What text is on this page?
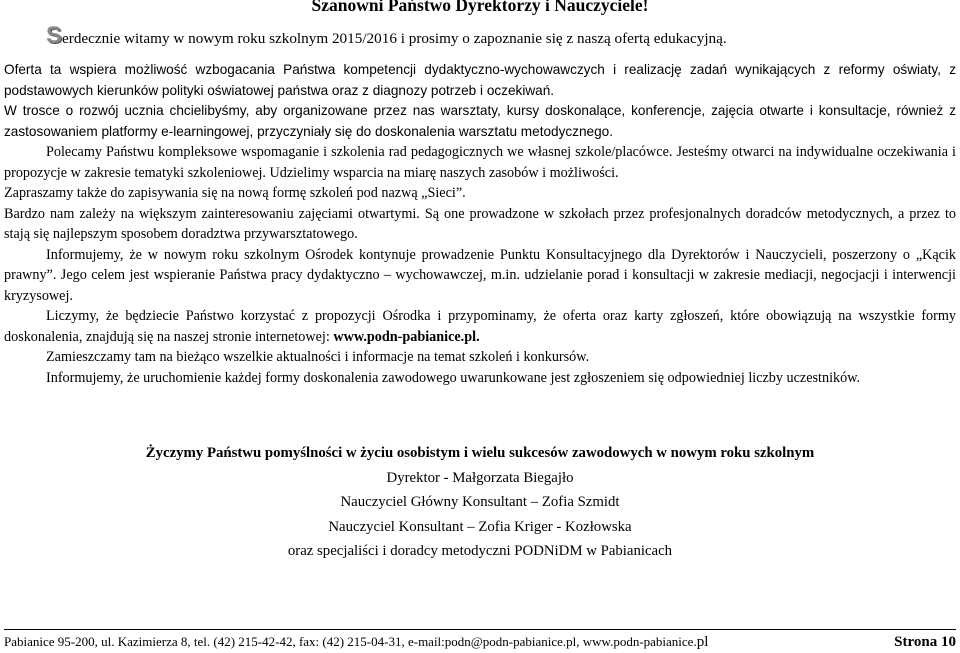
Szanowni Państwo Dyrektorzy i Nauczyciele!
Serdecznie witamy w nowym roku szkolnym 2015/2016 i prosimy o zapoznanie się z naszą ofertą edukacyjną.

Oferta ta wspiera możliwość wzbogacania Państwa kompetencji dydaktyczno-wychowawczych i realizację zadań wynikających z reformy oświaty, z podstawowych kierunków polityki oświatowej państwa oraz z diagnozy potrzeb i oczekiwań.

W trosce o rozwój ucznia chcielibyśmy, aby organizowane przez nas warsztaty, kursy doskonalące, konferencje, zajęcia otwarte i konsultacje, również z zastosowaniem platformy e-learningowej, przyczyniały się do doskonalenia warsztatu metodycznego.

Polecamy Państwu kompleksowe wspomaganie i szkolenia rad pedagogicznych we własnej szkole/placówce. Jesteśmy otwarci na indywidualne oczekiwania i propozycje w zakresie tematyki szkoleniowej. Udzielimy wsparcia na miarę naszych zasobów i możliwości.

Zapraszamy także do zapisywania się na nową formę szkoleń pod nazwą „Sieci”.

Bardzo nam zależy na większym zainteresowaniu zajęciami otwartymi. Są one prowadzone w szkołach przez profesjonalnych doradców metodycznych, a przez to stają się najlepszym sposobem doradztwa przywarsztatowego.

Informujemy, że w nowym roku szkolnym Ośrodek kontynuje prowadzenie Punktu Konsultacyjnego dla Dyrektorów i Nauczycieli, poszerzony o „Kącik prawny”. Jego celem jest wspieranie Państwa pracy dydaktyczno – wychowawczej, m.in. udzielanie porad i konsultacji w zakresie mediacji, negocjacji i interwencji kryzysowej.

Liczymy, że będziecie Państwo korzystać z propozycji Ośrodka i przypominamy, że oferta oraz karty zgłoszeń, które obowiązują na wszystkie formy doskonalenia, znajdują się na naszej stronie internetowej: www.podn-pabianice.pl.

Zamieszczamy tam na bieżąco wszelkie aktualności i informacje na temat szkoleń i konkursów.

Informujemy, że uruchomienie każdej formy doskonalenia zawodowego uwarunkowane jest zgłoszeniem się odpowiedniej liczby uczestników.

Życzymy Państwu pomyślności w życiu osobistym i wielu sukcesów zawodowych w nowym roku szkolnym

Dyrektor - Małgorzata Biegajło

Nauczyciel Główny Konsultant – Zofia Szmidt

Nauczyciel Konsultant – Zofia Kriger - Kozłowska

oraz specjaliści i doradcy metodyczni PODNiDM w Pabianicach

Pabianice 95-200, ul. Kazimierza 8, tel. (42) 215-42-42, fax: (42) 215-04-31, e-mail:podn@podn-pabianice.pl, www.podn-pabianice.pl	Strona 10
